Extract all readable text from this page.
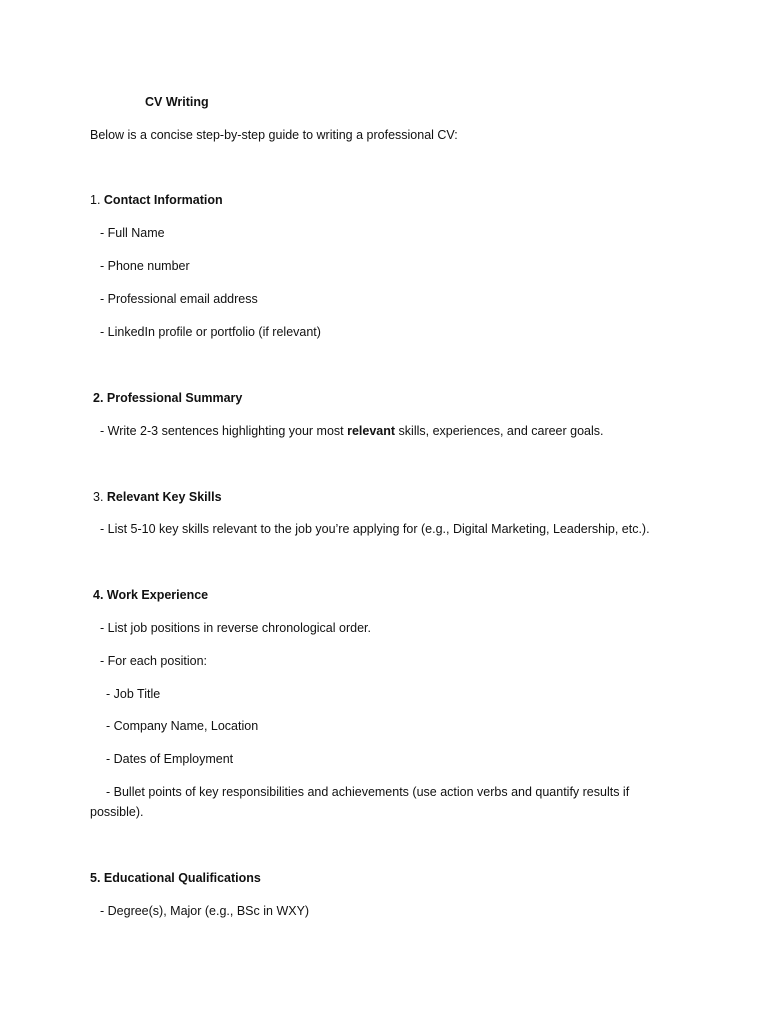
CV Writing
Below is a concise step-by-step guide to writing a professional CV:
1. Contact Information
- Full Name
- Phone number
- Professional email address
- LinkedIn profile or portfolio (if relevant)
2. Professional Summary
- Write 2-3 sentences highlighting your most relevant skills, experiences, and career goals.
3. Relevant Key Skills
- List 5-10 key skills relevant to the job you’re applying for (e.g., Digital Marketing, Leadership, etc.).
4. Work Experience
- List job positions in reverse chronological order.
- For each position:
- Job Title
- Company Name, Location
- Dates of Employment
- Bullet points of key responsibilities and achievements (use action verbs and quantify results if possible).
5. Educational Qualifications
- Degree(s), Major (e.g., BSc in WXY)
